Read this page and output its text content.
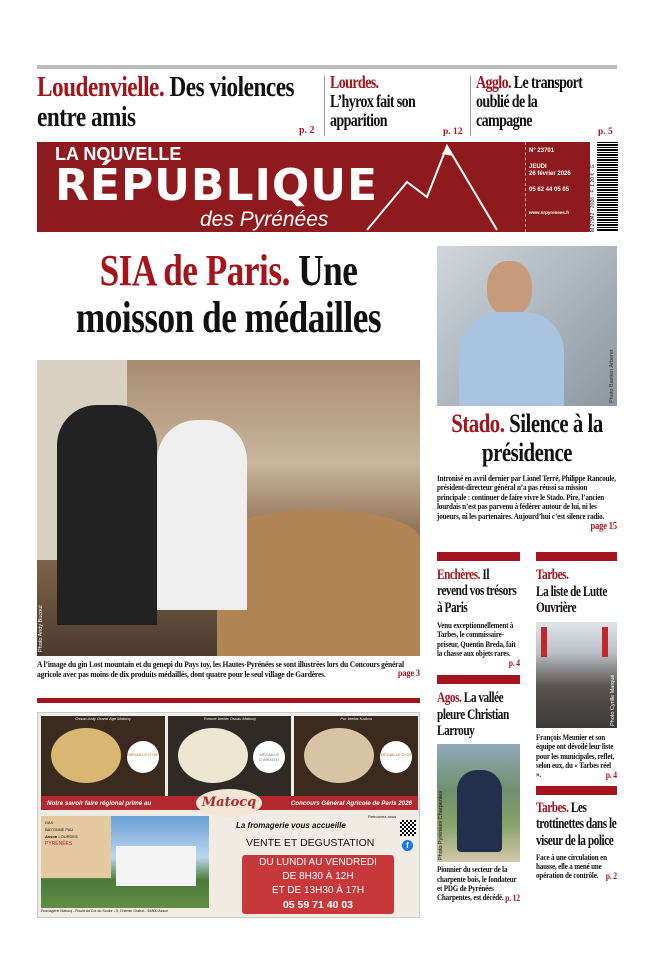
Loudenvielle. Des violences entre amis	p. 2
Lourdes.
L’hyrox fait son apparition
p. 12
Agglo. Le transport oublié de la campagne
p. 5
LA NOUVELLE
RÉPUBLIQUE
des Pyrénées
N° 23701

JEUDI
26 février 2026

05 62 44 05 05

www.nrpyrenees.fr	M 27942 - 2026 - F: 1,20 € - G
SIA de Paris. Une moisson de médailles
Photo Andy Bucout
A l’image du gin Lost mountain et du genepi du Pays toy, les Hautes-Pyrénées se sont illustrées lors du Concours général agricole avec pas moins de dix produits médaillés, dont quatre pour le seul village de Gardères.	page 3
Ossau-Iraty Grand Age Matocq
MÉDAILLE D'OR
Tomme brebis Ossau Matocq
MÉDAILLE D'ARGENT
Pur brebis Kaikou
MÉDAILLE D'OR
Notre savoir faire régional primé au	Concours Général Agricole de Paris 2026
Matocq
DAX
BAYONNE PAU
Asson LOURDES
PYRÉNÉES
Fromagerie Matocq - Route du Col du Soulor - 3, Chemin Grabot - 64800 Asson
La fromagerie vous accueille
Retrouvez-nous
f
VENTE ET DEGUSTATION
DU LUNDI AU VENDREDI
DE 8H30 À 12H
ET DE 13H30 À 17H
05 59 71 40 03
Photo Bastien Arberet
Stado. Silence à la présidence
Intronisé en avril dernier par Lionel Terré, Philippe Rancoule, président-directeur général n’a pas réussi sa mission principale : continuer de faire vivre le Stado. Pire, l’ancien lourdais n’est pas parvenu à fédérer autour de lui, ni les joueurs, ni les partenaires. Aujourd’hui c’est silence radio.
page 15
Enchères. Il revend vos trésors à Paris
Venu exceptionnellement à Tarbes, le commissaire-priseur, Quentin Breda, fait la chasse aux objets rares.
p. 4
Agos. La vallée pleure Christian Larrouy
Photo Pyrénées Charpentes
Pionnier du secteur de la charpente bois, le fondateur et PDG de Pyrénées Charpentes, est décédé. p. 12
Tarbes.
La liste de Lutte Ouvrière
Photo Cyrille Marqué
François Meunier et son équipe ont dévoilé leur liste pour les municipales, reflet, selon eux, du « Tarbes réel ».	p. 4
Tarbes. Les trottinettes dans le viseur de la police
Face à une circulation en hausse, elle a mené une opération de contrôle. p. 2
